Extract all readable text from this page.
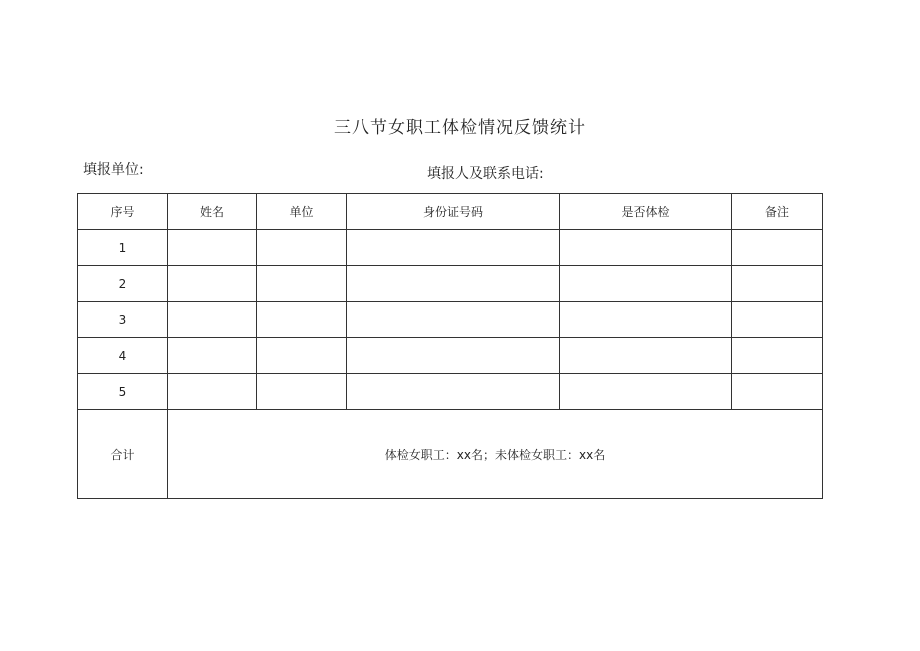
三八节女职工体检情况反馈统计
填报单位:	填报人及联系电话:
序号	姓名	单位	身份证号码	是否体检	备注
1					
2					
3					
4					
5					
合计	体检女职工：xx名；未体检女职工：xx名				
